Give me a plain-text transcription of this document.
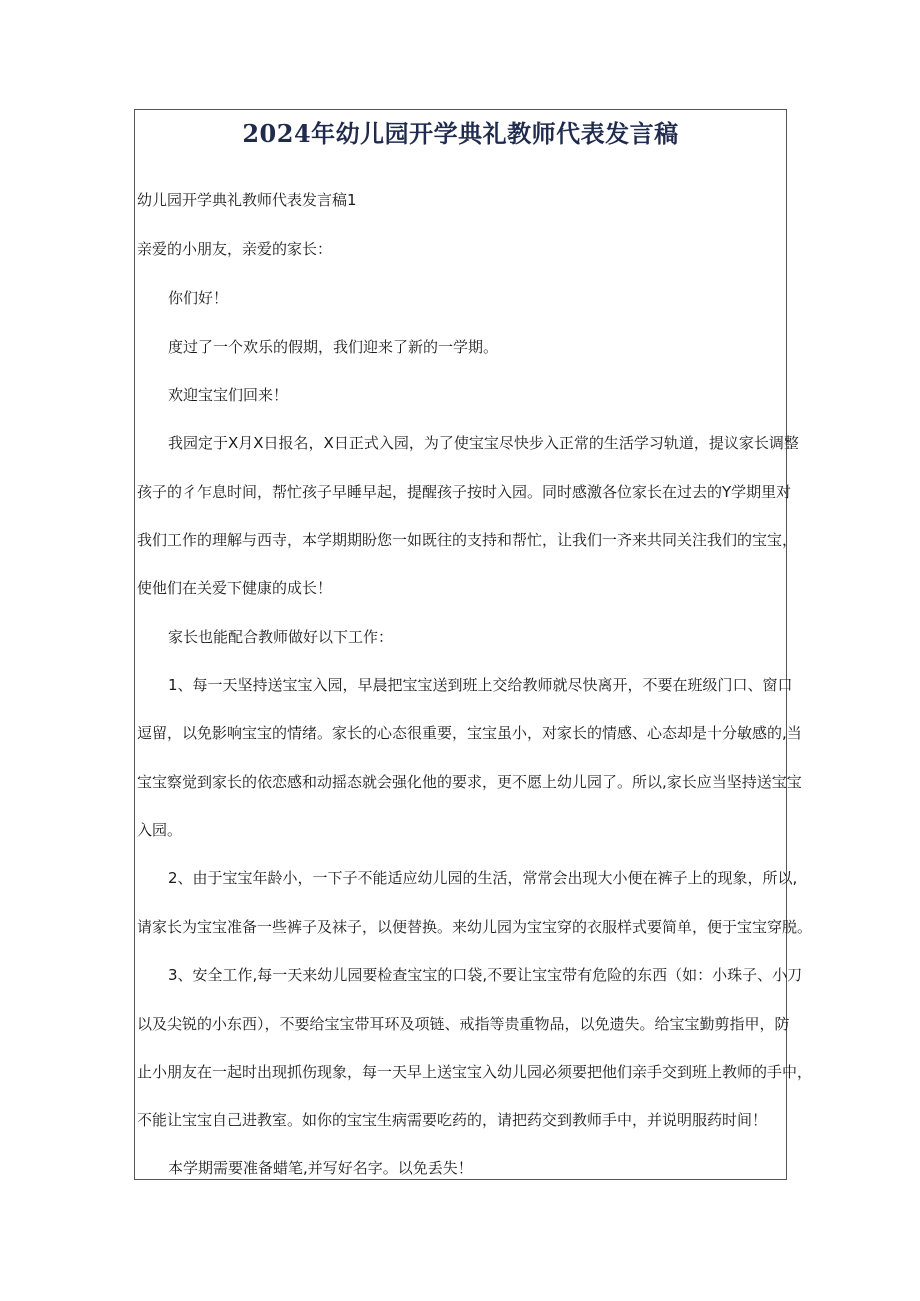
2024年幼儿园开学典礼教师代表发言稿
幼儿园开学典礼教师代表发言稿1
亲爱的小朋友，亲爱的家长：
你们好！
度过了一个欢乐的假期，我们迎来了新的一学期。
欢迎宝宝们回来！
我园定于X月X日报名，X日正式入园，为了使宝宝尽快步入正常的生活学习轨道，提议家长调整
孩子的彳乍息时间，帮忙孩子早睡早起，提醒孩子按时入园。同时感激各位家长在过去的Y学期里对
我们工作的理解与西寺，本学期期盼您一如既往的支持和帮忙，让我们一齐来共同关注我们的宝宝，
使他们在关爱下健康的成长！
家长也能配合教师做好以下工作：
1、每一天坚持送宝宝入园，早晨把宝宝送到班上交给教师就尽快离开，不要在班级门口、窗口
逗留，以免影响宝宝的情绪。家长的心态很重要，宝宝虽小，对家长的情感、心态却是十分敏感的,当
宝宝察觉到家长的依恋感和动摇态就会强化他的要求，更不愿上幼儿园了。所以,家长应当坚持送宝宝
入园。
2、由于宝宝年龄小，一下子不能适应幼儿园的生活，常常会出现大小便在裤子上的现象，所以,
请家长为宝宝准备一些裤子及袜子，以便替换。来幼儿园为宝宝穿的衣服样式要简单，便于宝宝穿脱。
3、安全工作,每一天来幼儿园要检查宝宝的口袋,不要让宝宝带有危险的东西（如：小珠子、小刀
以及尖锐的小东西），不要给宝宝带耳环及项链、戒指等贵重物品，以免遗失。给宝宝勤剪指甲，防
止小朋友在一起时出现抓伤现象，每一天早上送宝宝入幼儿园必须要把他们亲手交到班上教师的手中，
不能让宝宝自己进教室。如你的宝宝生病需要吃药的，请把药交到教师手中，并说明服药时间！
本学期需要准备蜡笔,并写好名字。以免丢失！
